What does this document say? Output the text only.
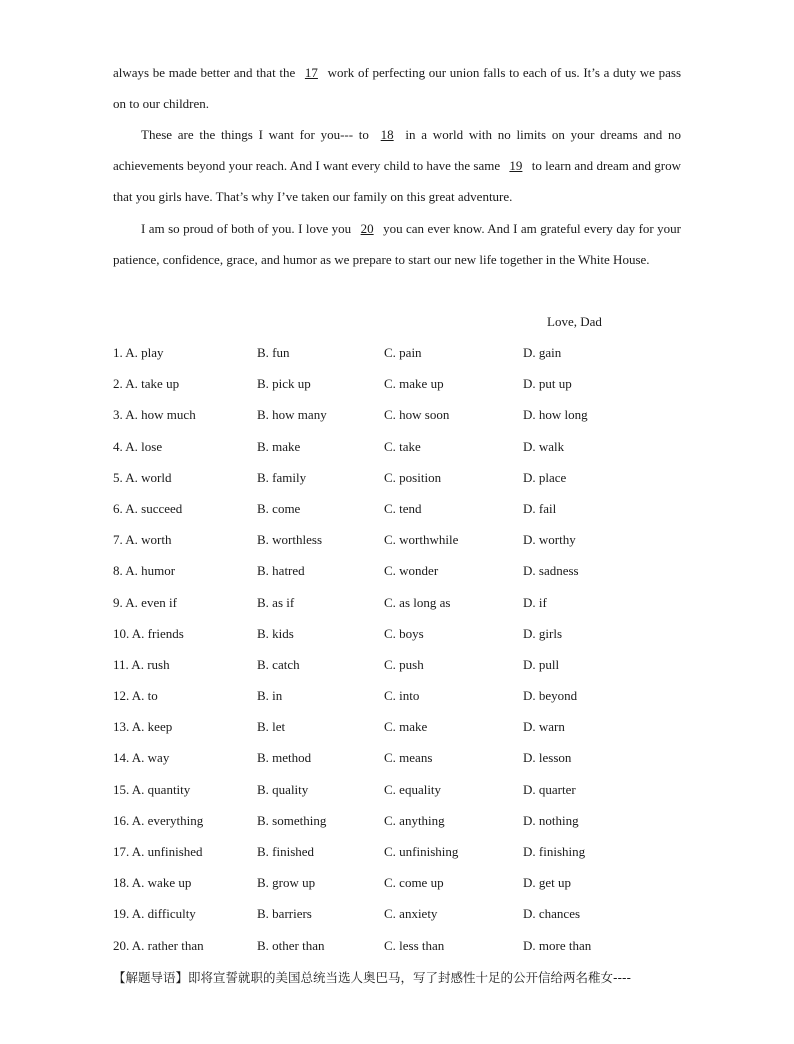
always be made better and that the 17 work of perfecting our union falls to each of us. It’s a duty we pass on to our children.
These are the things I want for you--- to 18 in a world with no limits on your dreams and no achievements beyond your reach. And I want every child to have the same 19 to learn and dream and grow that you girls have. That’s why I’ve taken our family on this great adventure.
I am so proud of both of you. I love you 20 you can ever know. And I am grateful every day for your patience, confidence, grace, and humor as we prepare to start our new life together in the White House.
Love, Dad
1. A. play	B. fun	C. pain	D. gain
2. A. take up	B. pick up	C. make up	D. put up
3. A. how much	B. how many	C. how soon	D. how long
4. A. lose	B. make	C. take	D. walk
5. A. world	B. family	C. position	D. place
6. A. succeed	B. come	C. tend	D. fail
7. A. worth	B. worthless	C. worthwhile	D. worthy
8. A. humor	B. hatred	C. wonder	D. sadness
9. A. even if	B. as if	C. as long as	D. if
10. A. friends	B. kids	C. boys	D. girls
11. A. rush	B. catch	C. push	D. pull
12. A. to	B. in	C. into	D. beyond
13. A. keep	B. let	C. make	D. warn
14. A. way	B. method	C. means	D. lesson
15. A. quantity	B. quality	C. equality	D. quarter
16. A. everything	B. something	C. anything	D. nothing
17. A. unfinished	B. finished	C. unfinishing	D. finishing
18. A. wake up	B. grow up	C. come up	D. get up
19. A. difficulty	B. barriers	C. anxiety	D. chances
20. A. rather than	B. other than	C. less than	D. more than
【解题导语】即将宣誓就职的美国总统当选人奥巴马，写了封感性十足的公开信给两名稚女----
